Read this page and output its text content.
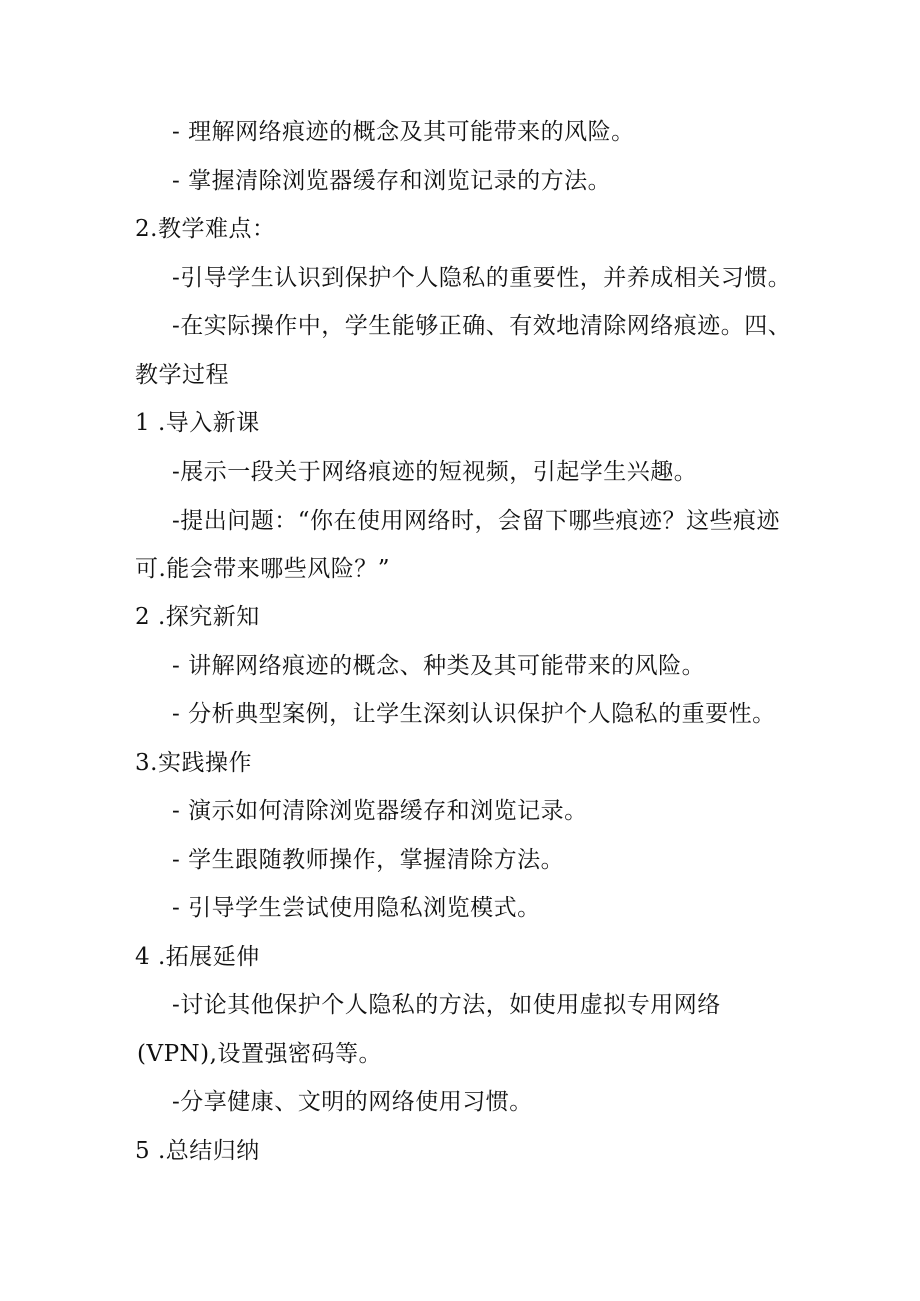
- 理解网络痕迹的概念及其可能带来的风险。
- 掌握清除浏览器缓存和浏览记录的方法。
2.教学难点：
-引导学生认识到保护个人隐私的重要性，并养成相关习惯。
-在实际操作中，学生能够正确、有效地清除网络痕迹。四、
教学过程
1 .导入新课
-展示一段关于网络痕迹的短视频，引起学生兴趣。
-提出问题：“你在使用网络时，会留下哪些痕迹？这些痕迹
可.能会带来哪些风险？”
2 .探究新知
- 讲解网络痕迹的概念、种类及其可能带来的风险。
- 分析典型案例，让学生深刻认识保护个人隐私的重要性。
3.实践操作
- 演示如何清除浏览器缓存和浏览记录。
- 学生跟随教师操作，掌握清除方法。
- 引导学生尝试使用隐私浏览模式。
4 .拓展延伸
-讨论其他保护个人隐私的方法，如使用虚拟专用网络
(VPN),设置强密码等。
-分享健康、文明的网络使用习惯。
5 .总结归纳
